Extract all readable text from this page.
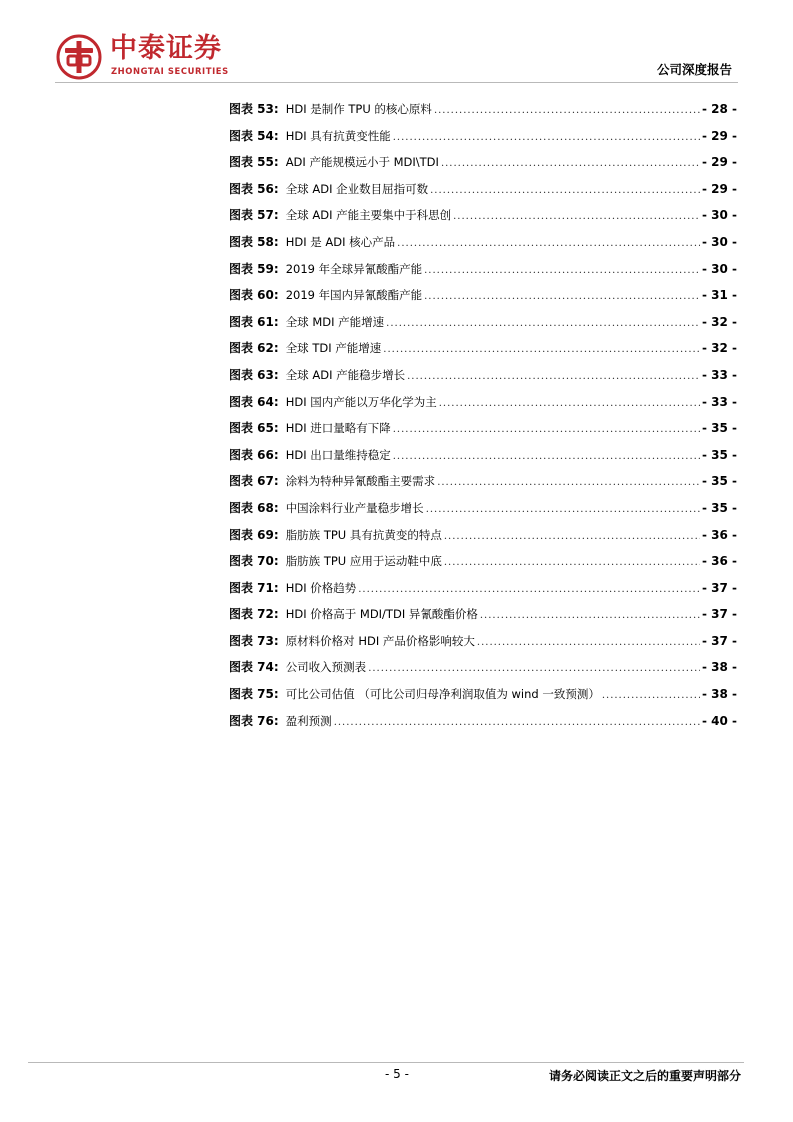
中泰证券
ZHONGTAI SECURITIES	公司深度报告
图表 53: HDI 是制作 TPU 的核心原料 .....	- 28 -
图表 54: HDI 具有抗黄变性能 .....	- 29 -
图表 55: ADI 产能规模远小于 MDI\TDI .....	- 29 -
图表 56: 全球 ADI 企业数目屈指可数 .....	- 29 -
图表 57: 全球 ADI 产能主要集中于科思创 .....	- 30 -
图表 58: HDI 是 ADI 核心产品 .....	- 30 -
图表 59: 2019 年全球异氰酸酯产能 .....	- 30 -
图表 60: 2019 年国内异氰酸酯产能 .....	- 31 -
图表 61: 全球 MDI 产能增速 .....	- 32 -
图表 62: 全球 TDI 产能增速 .....	- 32 -
图表 63: 全球 ADI 产能稳步增长 .....	- 33 -
图表 64: HDI 国内产能以万华化学为主 .....	- 33 -
图表 65: HDI 进口量略有下降 .....	- 35 -
图表 66: HDI 出口量维持稳定 .....	- 35 -
图表 67: 涂料为特种异氰酸酯主要需求 .....	- 35 -
图表 68: 中国涂料行业产量稳步增长 .....	- 35 -
图表 69: 脂肪族 TPU 具有抗黄变的特点 .....	- 36 -
图表 70: 脂肪族 TPU 应用于运动鞋中底 .....	- 36 -
图表 71: HDI 价格趋势 .....	- 37 -
图表 72: HDI 价格高于 MDI/TDI 异氰酸酯价格 .....	- 37 -
图表 73: 原材料价格对 HDI 产品价格影响较大 .....	- 37 -
图表 74: 公司收入预测表 .....	- 38 -
图表 75: 可比公司估值 （可比公司归母净利润取值为 wind 一致预测） .....	- 38 -
图表 76: 盈利预测 .....	- 40 -
- 5 -	请务必阅读正文之后的重要声明部分
